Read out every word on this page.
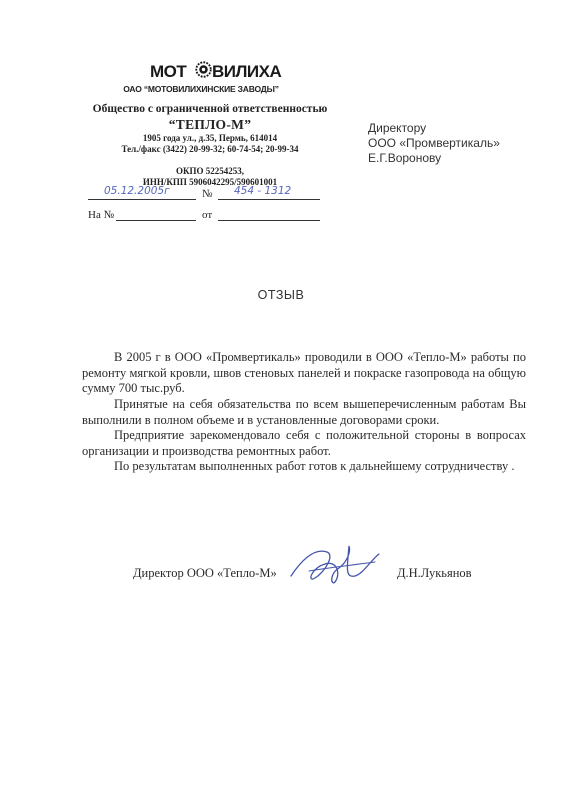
МОТ ВИЛИХА
ОАО “МОТОВИЛИХИНСКИЕ ЗАВОДЫ”
Общество с ограниченной ответственностью
“ТЕПЛО-М”
1905 года ул., д.35, Пермь, 614014
Тел./факс (3422) 20-99-32; 60-74-54; 20-99-34
ОКПО 52254253,
ИНН/КПП 5906042295/590601001
05.12.2005г	№ 454 - 1312
На №	от
Директору
ООО «Промвертикаль»
Е.Г.Воронову
ОТЗЫВ
В 2005 г в ООО «Промвертикаль» проводили в ООО «Тепло-М» работы по ремонту мягкой кровли, швов стеновых панелей и покраске газопровода на общую сумму 700 тыс.руб.
Принятые на себя обязательства по всем вышеперечисленным работам Вы выполнили в полном объеме и в установленные договорами сроки.
Предприятие зарекомендовало себя с положительной стороны в вопросах организации и производства ремонтных работ.
По результатам выполненных работ готов к дальнейшему сотрудничеству .
Директор ООО «Тепло-М»	Д.Н.Лукьянов
